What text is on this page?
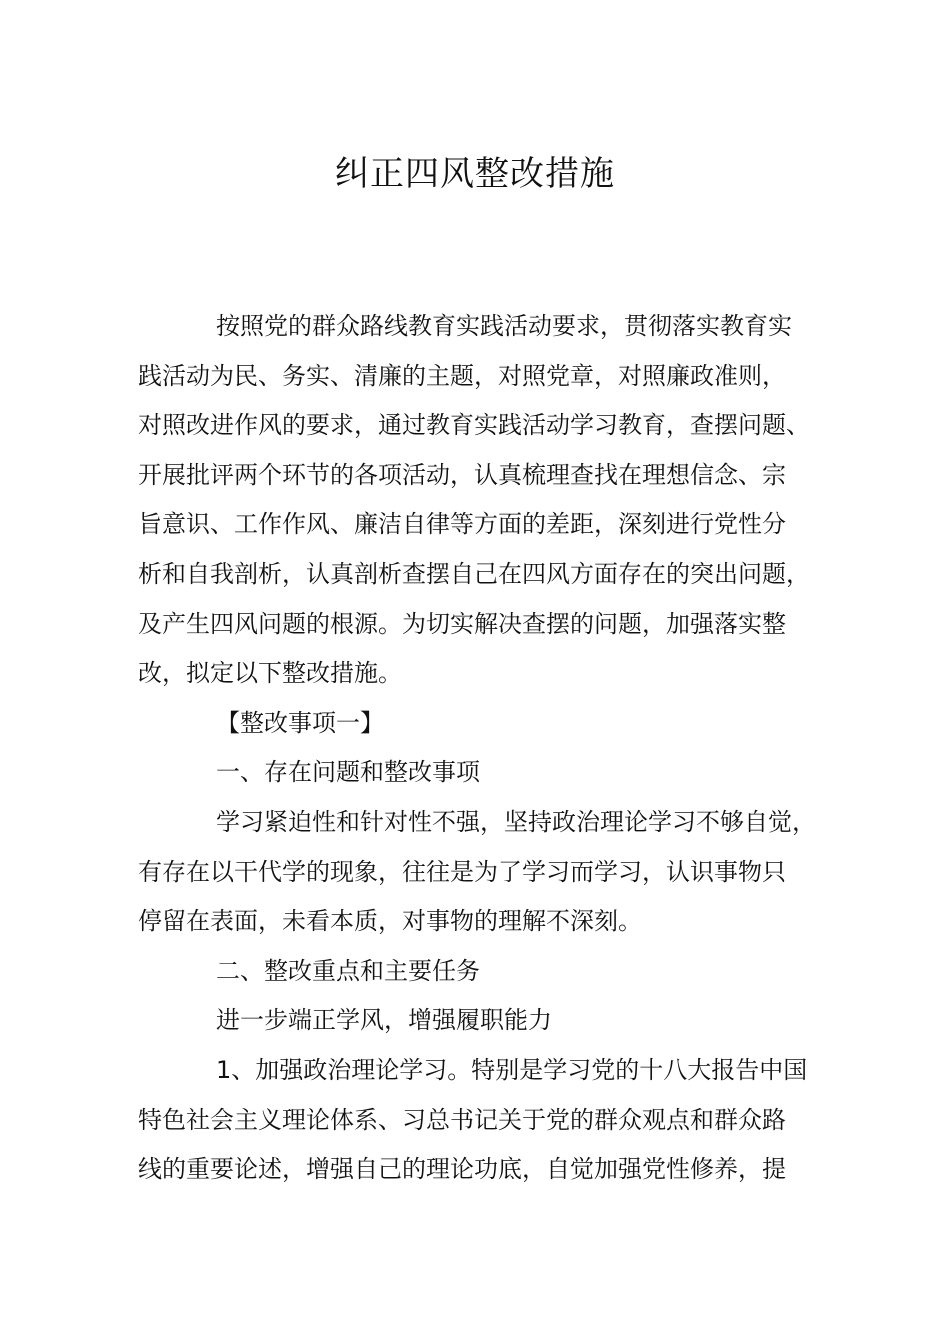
纠正四风整改措施
按照党的群众路线教育实践活动要求，贯彻落实教育实
践活动为民、务实、清廉的主题，对照党章，对照廉政准则，
对照改进作风的要求，通过教育实践活动学习教育，查摆问题、
开展批评两个环节的各项活动，认真梳理查找在理想信念、宗
旨意识、工作作风、廉洁自律等方面的差距，深刻进行党性分
析和自我剖析，认真剖析查摆自己在四风方面存在的突出问题，
及产生四风问题的根源。为切实解决查摆的问题，加强落实整
改，拟定以下整改措施。
【整改事项一】
一、存在问题和整改事项
学习紧迫性和针对性不强，坚持政治理论学习不够自觉，
有存在以干代学的现象，往往是为了学习而学习，认识事物只
停留在表面，未看本质，对事物的理解不深刻。
二、整改重点和主要任务
进一步端正学风，增强履职能力
1、加强政治理论学习。特别是学习党的十八大报告中国
特色社会主义理论体系、习总书记关于党的群众观点和群众路
线的重要论述，增强自己的理论功底，自觉加强党性修养，提
